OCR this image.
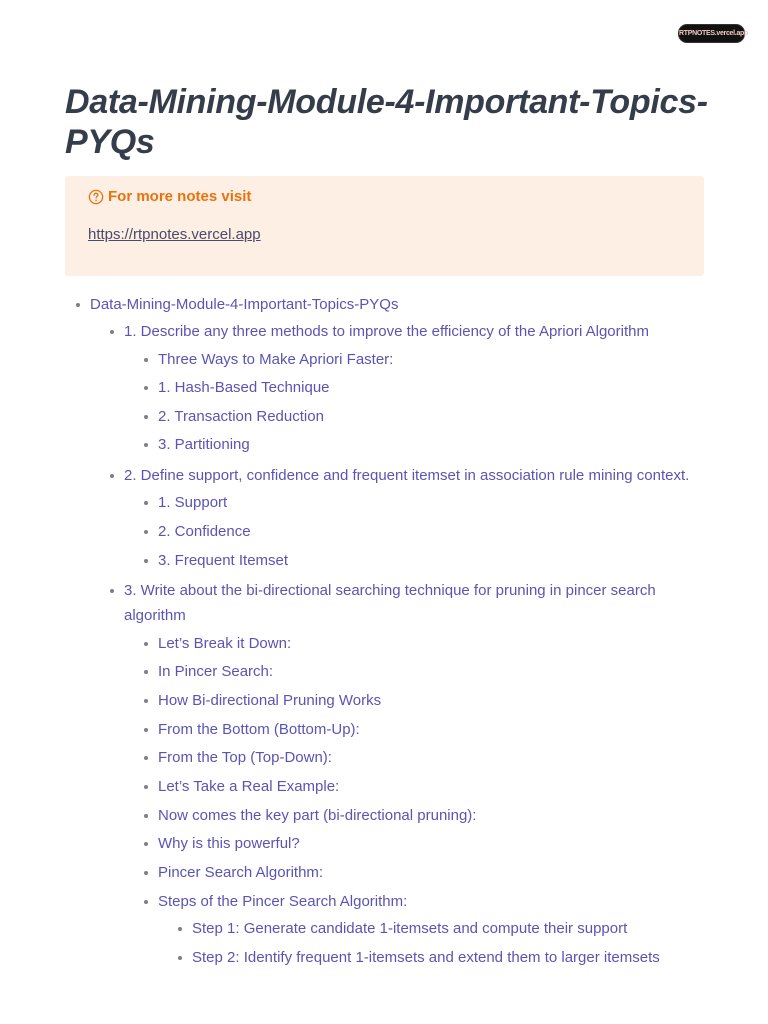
RTPNOTES.vercel.app
Data-Mining-Module-4-Important-Topics-PYQs
For more notes visit
https://rtpnotes.vercel.app
Data-Mining-Module-4-Important-Topics-PYQs
1. Describe any three methods to improve the efficiency of the Apriori Algorithm
Three Ways to Make Apriori Faster:
1. Hash-Based Technique
2. Transaction Reduction
3. Partitioning
2. Define support, confidence and frequent itemset in association rule mining context.
1. Support
2. Confidence
3. Frequent Itemset
3. Write about the bi-directional searching technique for pruning in pincer search algorithm
Let’s Break it Down:
In Pincer Search:
How Bi-directional Pruning Works
From the Bottom (Bottom-Up):
From the Top (Top-Down):
Let’s Take a Real Example:
Now comes the key part (bi-directional pruning):
Why is this powerful?
Pincer Search Algorithm:
Steps of the Pincer Search Algorithm:
Step 1: Generate candidate 1-itemsets and compute their support
Step 2: Identify frequent 1-itemsets and extend them to larger itemsets
